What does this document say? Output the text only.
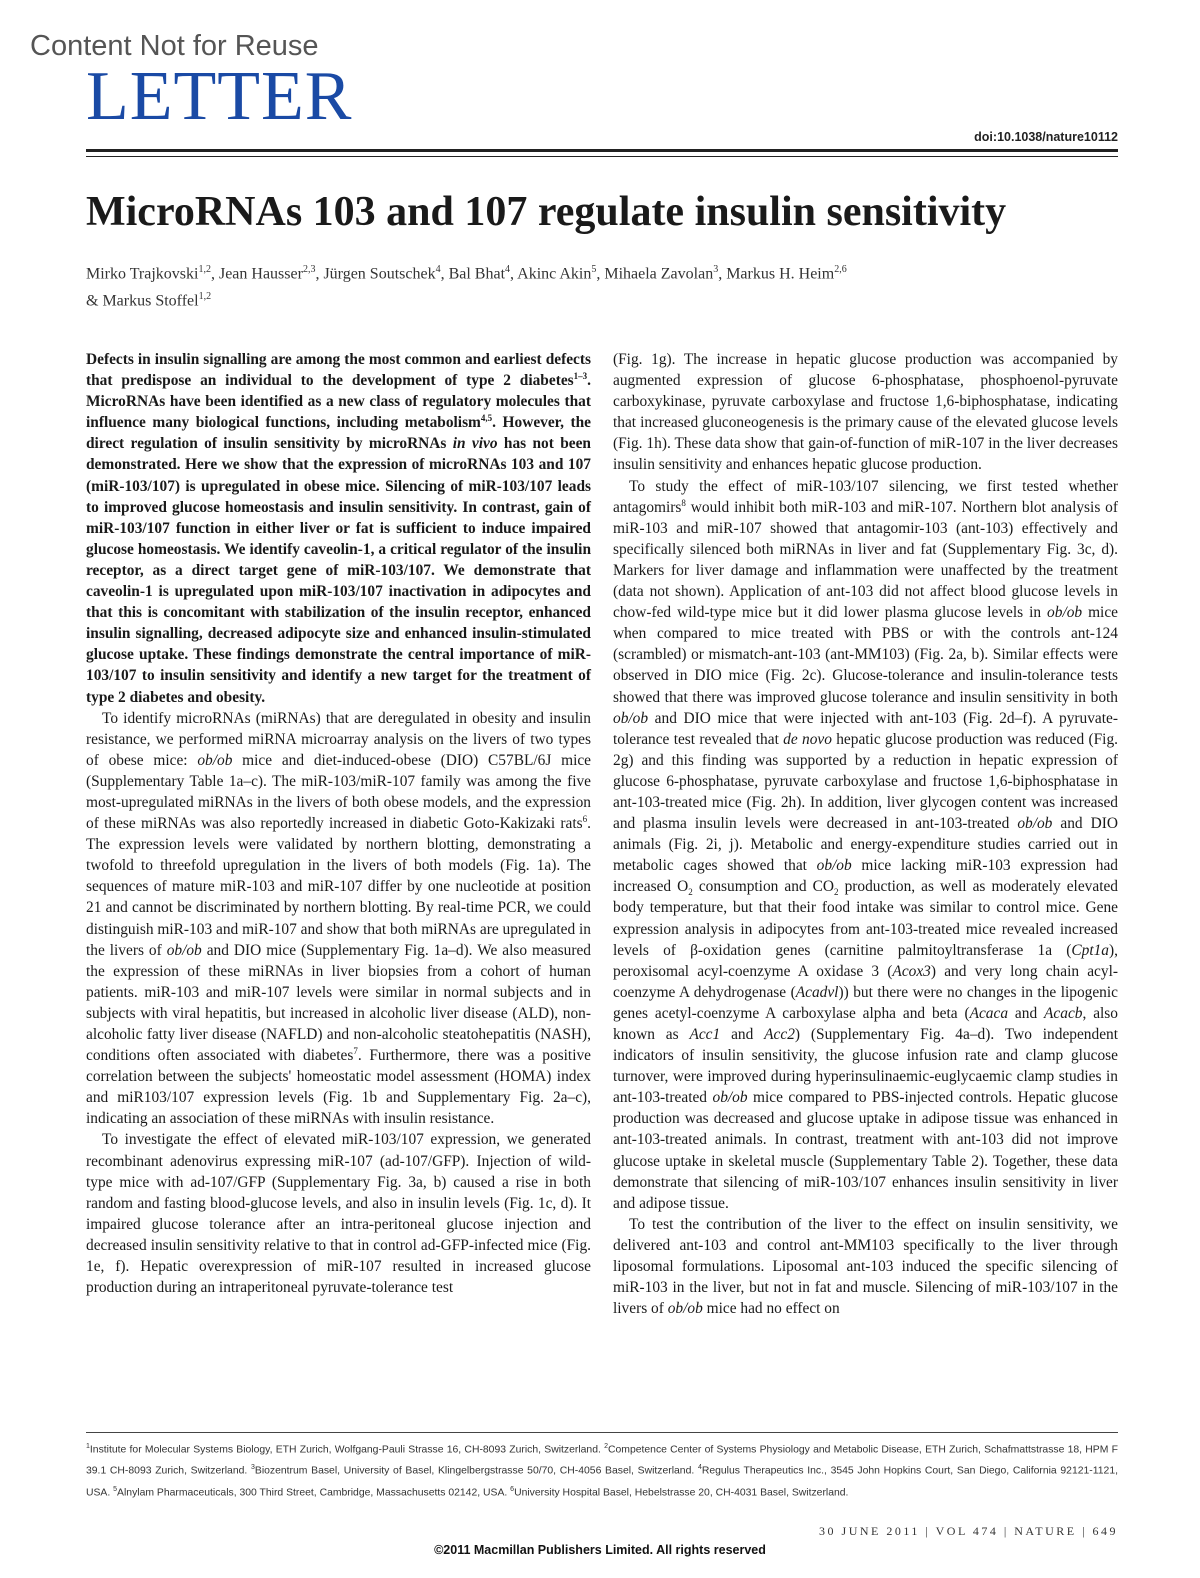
Content Not for Reuse
LETTER
doi:10.1038/nature10112
MicroRNAs 103 and 107 regulate insulin sensitivity
Mirko Trajkovski$^{1,2}$, Jean Hausser$^{2,3}$, Jürgen Soutschek$^4$, Bal Bhat$^4$, Akinc Akin$^5$, Mihaela Zavolan$^3$, Markus H. Heim$^{2,6}$
& Markus Stoffel$^{1,2}$

Defects in insulin signalling are among the most common and earliest defects that predispose an individual to the development of type 2 diabetes$^{1-3}$. MicroRNAs have been identified as a new class of regulatory molecules that influence many biological functions, including metabolism$^{4,5}$. However, the direct regulation of insulin sensitivity by microRNAs in vivo has not been demonstrated. Here we show that the expression of microRNAs 103 and 107 (miR-103/107) is upregulated in obese mice. Silencing of miR-103/107 leads to improved glucose homeostasis and insulin sensitivity. In contrast, gain of miR-103/107 function in either liver or fat is sufficient to induce impaired glucose homeostasis. We identify caveolin-1, a critical regulator of the insulin receptor, as a direct target gene of miR-103/107. We demonstrate that caveolin-1 is upregulated upon miR-103/107 inactivation in adipocytes and that this is concomitant with stabilization of the insulin receptor, enhanced insulin signalling, decreased adipocyte size and enhanced insulin-stimulated glucose uptake. These findings demonstrate the central importance of miR-103/107 to insulin sensitivity and identify a new target for the treatment of type 2 diabetes and obesity.

To identify microRNAs (miRNAs) that are deregulated in obesity and insulin resistance, we performed miRNA microarray analysis on the livers of two types of obese mice: ob/ob mice and diet-induced-obese (DIO) C57BL/6J mice (Supplementary Table 1a–c). The miR-103/miR-107 family was among the five most-upregulated miRNAs in the livers of both obese models, and the expression of these miRNAs was also reportedly increased in diabetic Goto-Kakizaki rats$^6$. The expression levels were validated by northern blotting, demonstrating a twofold to threefold upregulation in the livers of both models (Fig. 1a). The sequences of mature miR-103 and miR-107 differ by one nucleotide at position 21 and cannot be discriminated by northern blotting. By real-time PCR, we could distinguish miR-103 and miR-107 and show that both miRNAs are upregulated in the livers of ob/ob and DIO mice (Supplementary Fig. 1a–d). We also measured the expression of these miRNAs in liver biopsies from a cohort of human patients. miR-103 and miR-107 levels were similar in normal subjects and in subjects with viral hepatitis, but increased in alcoholic liver disease (ALD), non-alcoholic fatty liver disease (NAFLD) and non-alcoholic steatohepatitis (NASH), conditions often associated with diabetes$^7$. Furthermore, there was a positive correlation between the subjects' homeostatic model assessment (HOMA) index and miR103/107 expression levels (Fig. 1b and Supplementary Fig. 2a–c), indicating an association of these miRNAs with insulin resistance.

To investigate the effect of elevated miR-103/107 expression, we generated recombinant adenovirus expressing miR-107 (ad-107/GFP). Injection of wild-type mice with ad-107/GFP (Supplementary Fig. 3a, b) caused a rise in both random and fasting blood-glucose levels, and also in insulin levels (Fig. 1c, d). It impaired glucose tolerance after an intra-peritoneal glucose injection and decreased insulin sensitivity relative to that in control ad-GFP-infected mice (Fig. 1e, f). Hepatic overexpression of miR-107 resulted in increased glucose production during an intraperitoneal pyruvate-tolerance test

(Fig. 1g). The increase in hepatic glucose production was accompanied by augmented expression of glucose 6-phosphatase, phosphoenol-pyruvate carboxykinase, pyruvate carboxylase and fructose 1,6-biphosphatase, indicating that increased gluconeogenesis is the primary cause of the elevated glucose levels (Fig. 1h). These data show that gain-of-function of miR-107 in the liver decreases insulin sensitivity and enhances hepatic glucose production.

To study the effect of miR-103/107 silencing, we first tested whether antagomirs$^8$ would inhibit both miR-103 and miR-107. Northern blot analysis of miR-103 and miR-107 showed that antagomir-103 (ant-103) effectively and specifically silenced both miRNAs in liver and fat (Supplementary Fig. 3c, d). Markers for liver damage and inflammation were unaffected by the treatment (data not shown). Application of ant-103 did not affect blood glucose levels in chow-fed wild-type mice but it did lower plasma glucose levels in ob/ob mice when compared to mice treated with PBS or with the controls ant-124 (scrambled) or mismatch-ant-103 (ant-MM103) (Fig. 2a, b). Similar effects were observed in DIO mice (Fig. 2c). Glucose-tolerance and insulin-tolerance tests showed that there was improved glucose tolerance and insulin sensitivity in both ob/ob and DIO mice that were injected with ant-103 (Fig. 2d–f). A pyruvate-tolerance test revealed that de novo hepatic glucose production was reduced (Fig. 2g) and this finding was supported by a reduction in hepatic expression of glucose 6-phosphatase, pyruvate carboxylase and fructose 1,6-biphosphatase in ant-103-treated mice (Fig. 2h). In addition, liver glycogen content was increased and plasma insulin levels were decreased in ant-103-treated ob/ob and DIO animals (Fig. 2i, j). Metabolic and energy-expenditure studies carried out in metabolic cages showed that ob/ob mice lacking miR-103 expression had increased $O_2$ consumption and $CO_2$ production, as well as moderately elevated body temperature, but that their food intake was similar to control mice. Gene expression analysis in adipocytes from ant-103-treated mice revealed increased levels of β-oxidation genes (carnitine palmitoyltransferase 1a (Cpt1a), peroxisomal acyl-coenzyme A oxidase 3 (Acox3) and very long chain acyl-coenzyme A dehydrogenase (Acadvl)) but there were no changes in the lipogenic genes acetyl-coenzyme A carboxylase alpha and beta (Acaca and Acacb, also known as Acc1 and Acc2) (Supplementary Fig. 4a–d). Two independent indicators of insulin sensitivity, the glucose infusion rate and clamp glucose turnover, were improved during hyperinsulinaemic-euglycaemic clamp studies in ant-103-treated ob/ob mice compared to PBS-injected controls. Hepatic glucose production was decreased and glucose uptake in adipose tissue was enhanced in ant-103-treated animals. In contrast, treatment with ant-103 did not improve glucose uptake in skeletal muscle (Supplementary Table 2). Together, these data demonstrate that silencing of miR-103/107 enhances insulin sensitivity in liver and adipose tissue.

To test the contribution of the liver to the effect on insulin sensitivity, we delivered ant-103 and control ant-MM103 specifically to the liver through liposomal formulations. Liposomal ant-103 induced the specific silencing of miR-103 in the liver, but not in fat and muscle. Silencing of miR-103/107 in the livers of ob/ob mice had no effect on

$^1$Institute for Molecular Systems Biology, ETH Zurich, Wolfgang-Pauli Strasse 16, CH-8093 Zurich, Switzerland. $^2$Competence Center of Systems Physiology and Metabolic Disease, ETH Zurich, Schafmattstrasse 18, HPM F 39.1 CH-8093 Zurich, Switzerland. $^3$Biozentrum Basel, University of Basel, Klingelbergstrasse 50/70, CH-4056 Basel, Switzerland. $^4$Regulus Therapeutics Inc., 3545 John Hopkins Court, San Diego, California 92121-1121, USA. $^5$Alnylam Pharmaceuticals, 300 Third Street, Cambridge, Massachusetts 02142, USA. $^6$University Hospital Basel, Hebelstrasse 20, CH-4031 Basel, Switzerland.
30 JUNE 2011 | VOL 474 | NATURE | 649
©2011 Macmillan Publishers Limited. All rights reserved
